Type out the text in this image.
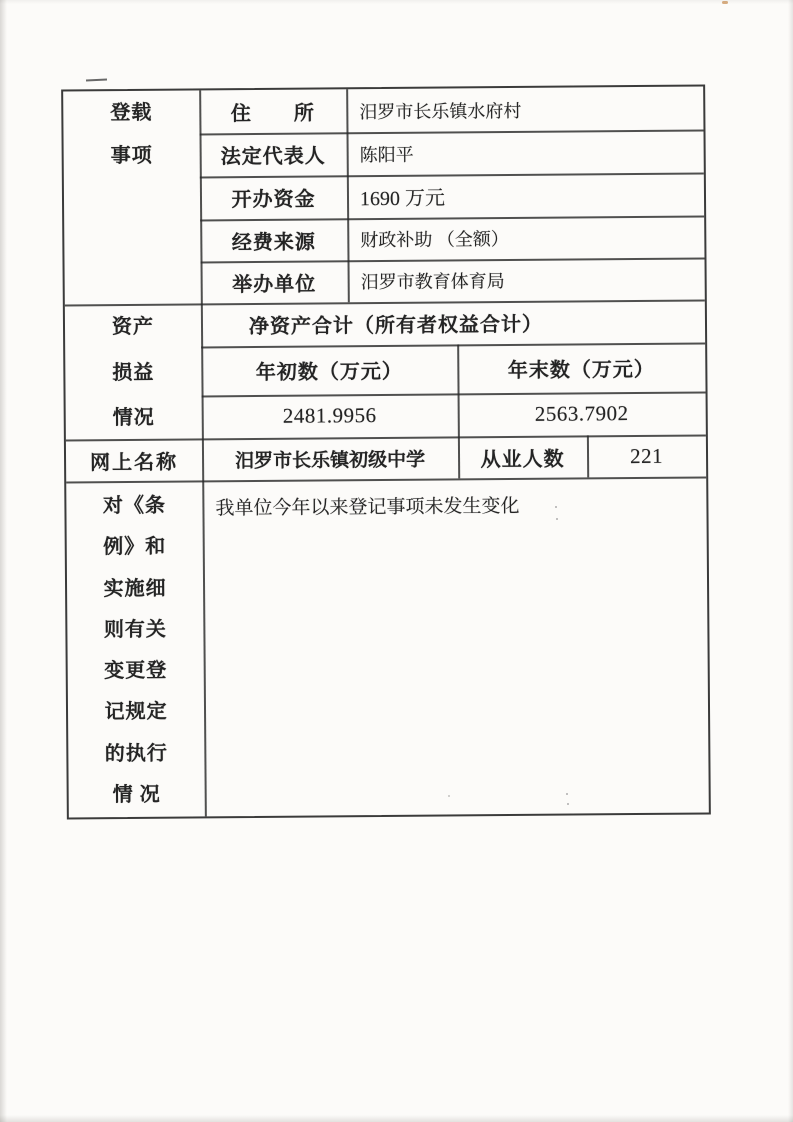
登载
事项
住　　所	汨罗市长乐镇水府村
法定代表人	陈阳平
开办资金	1690 万元
经费来源	财政补助 （全额）
举办单位	汨罗市教育体育局
资产
损益
情况
净资产合计（所有者权益合计）
年初数（万元）	年末数（万元）
2481.9956	2563.7902
网上名称	汨罗市长乐镇初级中学	从业人数	221
对《条
例》和
实施细
则有关
变更登
记规定
的执行
情 况
我单位今年以来登记事项未发生变化
